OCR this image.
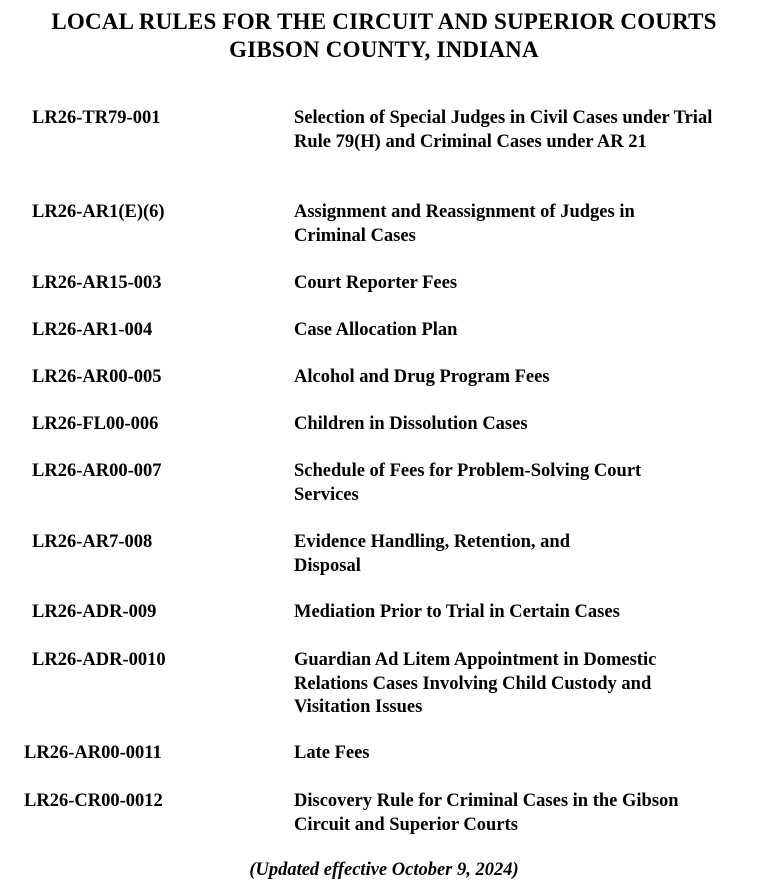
LOCAL RULES FOR THE CIRCUIT AND SUPERIOR COURTS
GIBSON COUNTY, INDIANA
LR26-TR79-001	Selection of Special Judges in Civil Cases under Trial Rule 79(H) and Criminal Cases under AR 21
LR26-AR1(E)(6)	Assignment and Reassignment of Judges in Criminal Cases
LR26-AR15-003	Court Reporter Fees
LR26-AR1-004	Case Allocation Plan
LR26-AR00-005	Alcohol and Drug Program Fees
LR26-FL00-006	Children in Dissolution Cases
LR26-AR00-007	Schedule of Fees for Problem-Solving Court Services
LR26-AR7-008	Evidence Handling, Retention, and Disposal
LR26-ADR-009	Mediation Prior to Trial in Certain Cases
LR26-ADR-0010	Guardian Ad Litem Appointment in Domestic Relations Cases Involving Child Custody and Visitation Issues
LR26-AR00-0011	Late Fees
LR26-CR00-0012	Discovery Rule for Criminal Cases in the Gibson Circuit and Superior Courts
(Updated effective October 9, 2024)
